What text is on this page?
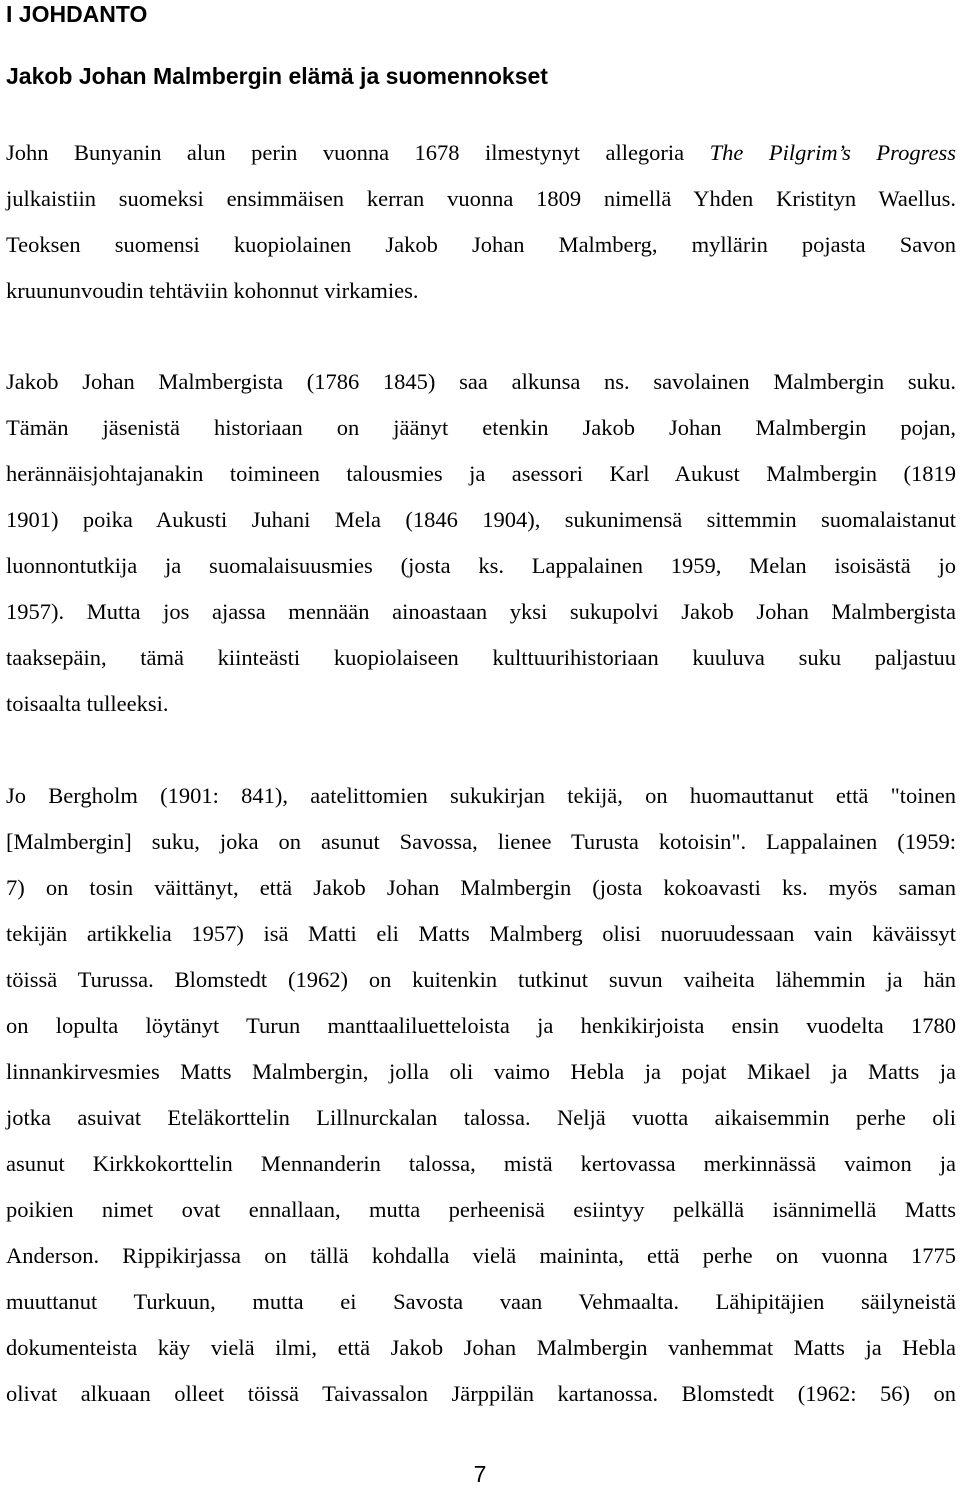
I JOHDANTO
Jakob Johan Malmbergin elämä ja suomennokset
John Bunyanin alun perin vuonna 1678 ilmestynyt allegoria The Pilgrim’s Progress
julkaistiin suomeksi ensimmäisen kerran vuonna 1809 nimellä Yhden Kristityn Waellus.
Teoksen suomensi kuopiolainen Jakob Johan Malmberg, myllärin pojasta Savon
kruununvoudin tehtäviin kohonnut virkamies.
Jakob Johan Malmbergista (1786 1845) saa alkunsa ns. savolainen Malmbergin suku.
Tämän jäsenistä historiaan on jäänyt etenkin Jakob Johan Malmbergin pojan,
herännäisjohtajanakin toimineen talousmies ja asessori Karl Aukust Malmbergin (1819
1901) poika Aukusti Juhani Mela (1846 1904), sukunimensä sittemmin suomalaistanut
luonnontutkija ja suomalaisuusmies (josta ks. Lappalainen 1959, Melan isoisästä jo
1957). Mutta jos ajassa mennään ainoastaan yksi sukupolvi Jakob Johan Malmbergista
taaksepäin, tämä kiinteästi kuopiolaiseen kulttuurihistoriaan kuuluva suku paljastuu
toisaalta tulleeksi.
Jo Bergholm (1901: 841), aatelittomien sukukirjan tekijä, on huomauttanut että "toinen
[Malmbergin] suku, joka on asunut Savossa, lienee Turusta kotoisin". Lappalainen (1959:
7) on tosin väittänyt, että Jakob Johan Malmbergin (josta kokoavasti ks. myös saman
tekijän artikkelia 1957) isä Matti eli Matts Malmberg olisi nuoruudessaan vain käväissyt
töissä Turussa. Blomstedt (1962) on kuitenkin tutkinut suvun vaiheita lähemmin ja hän
on lopulta löytänyt Turun manttaaliluetteloista ja henkikirjoista ensin vuodelta 1780
linnankirvesmies Matts Malmbergin, jolla oli vaimo Hebla ja pojat Mikael ja Matts ja
jotka asuivat Eteläkorttelin Lillnurckalan talossa. Neljä vuotta aikaisemmin perhe oli
asunut Kirkkokorttelin Mennanderin talossa, mistä kertovassa merkinnässä vaimon ja
poikien nimet ovat ennallaan, mutta perheenisä esiintyy pelkällä isännimellä Matts
Anderson. Rippikirjassa on tällä kohdalla vielä maininta, että perhe on vuonna 1775
muuttanut Turkuun, mutta ei Savosta vaan Vehmaalta. Lähipitäjien säilyneistä
dokumenteista käy vielä ilmi, että Jakob Johan Malmbergin vanhemmat Matts ja Hebla
olivat alkuaan olleet töissä Taivassalon Järppilän kartanossa. Blomstedt (1962: 56) on
7
